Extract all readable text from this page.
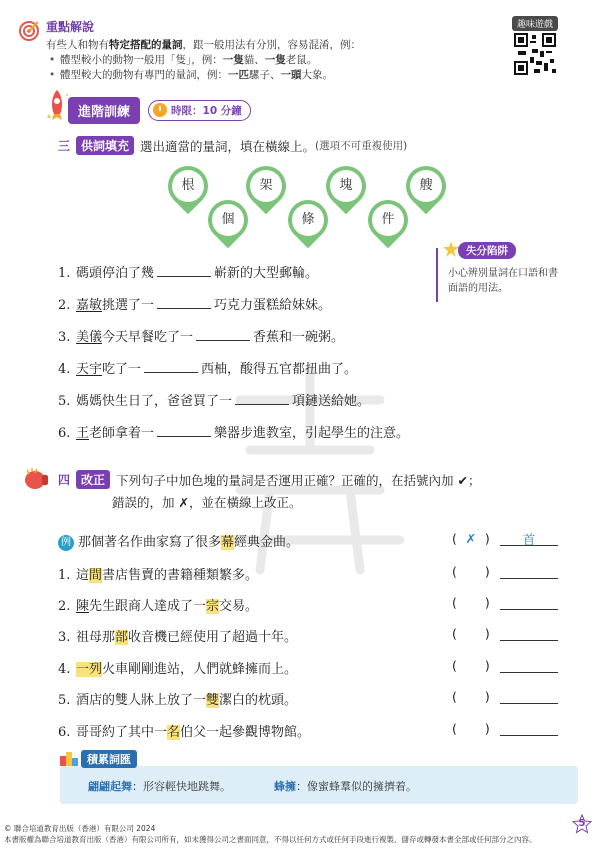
重點解說
有些人和物有特定搭配的量詞，跟一般用法有分別，容易混淆，例：
• 體型較小的動物一般用「隻」，例：一隻貓、一隻老鼠。
• 體型較大的動物有專門的量詞，例：一匹騾子、一頭大象。
趣味遊戲
進階訓練	時限：10 分鐘
三 供詞填充 選出適當的量詞，填在橫線上。 (選項不可重複使用)
根	架	塊	艘
個	條	件
1. 碼頭停泊了幾	嶄新的大型郵輪。
2. 嘉敏挑選了一	巧克力蛋糕給妹妹。
3. 美儀今天早餐吃了一	香蕉和一碗粥。
4. 天宇吃了一	西柚，酸得五官都扭曲了。
5. 媽媽快生日了，爸爸買了一	項鏈送給她。
6. 王老師拿着一	樂器步進教室，引起學生的注意。
失分陷阱
小心辨別量詞在口語和書面語的用法。
四 改正 下列句子中加色塊的量詞是否運用正確？正確的，在括號內加 ✔；
錯誤的，加 ✗，並在橫線上改正。
例 那個著名作曲家寫了很多幕經典金曲。	( ✗ )	首
1. 這間書店售賣的書籍種類繁多。	( )
2. 陳先生跟商人達成了一宗交易。	( )
3. 祖母那部收音機已經使用了超過十年。	( )
4. 一列火車剛剛進站，人們就蜂擁而上。	( )
5. 酒店的雙人牀上放了一雙潔白的枕頭。	( )
6. 哥哥約了其中一名伯父一起參觀博物館。	( )
積累詞匯
翩翩起舞：形容輕快地跳舞。	蜂擁：像蜜蜂羣似的擁擠着。
© 聯合培道教育出版（香港）有限公司 2024
本書版權為聯合培道教育出版（香港）有限公司所有，如未獲得公司之書面同意，不得以任何方式或任何手段進行複製、儲存或轉發本書全部或任何部分之內容。
5
